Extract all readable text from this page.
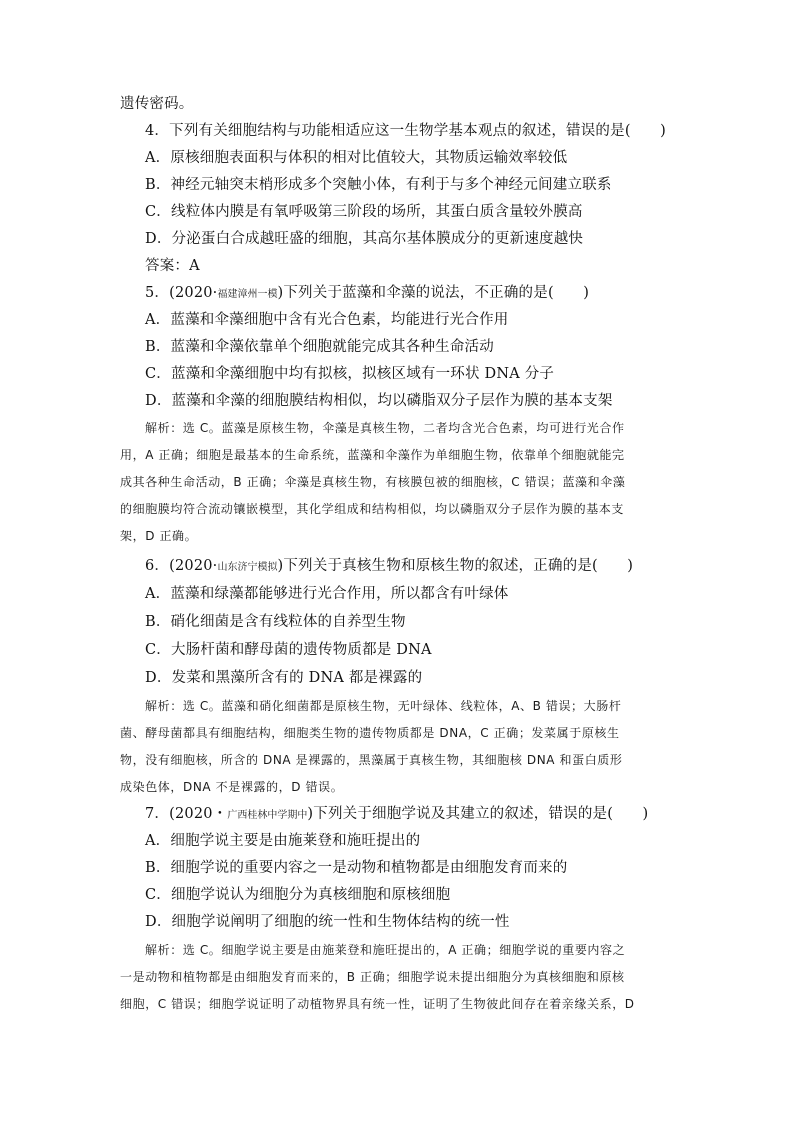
遗传密码。
4．下列有关细胞结构与功能相适应这一生物学基本观点的叙述，错误的是(　　)
A．原核细胞表面积与体积的相对比值较大，其物质运输效率较低
B．神经元轴突末梢形成多个突触小体，有利于与多个神经元间建立联系
C．线粒体内膜是有氧呼吸第三阶段的场所，其蛋白质含量较外膜高
D．分泌蛋白合成越旺盛的细胞，其高尔基体膜成分的更新速度越快
答案：A
5．(2020·福建漳州一模)下列关于蓝藻和伞藻的说法，不正确的是(　　)
A．蓝藻和伞藻细胞中含有光合色素，均能进行光合作用
B．蓝藻和伞藻依靠单个细胞就能完成其各种生命活动
C．蓝藻和伞藻细胞中均有拟核，拟核区域有一环状 DNA 分子
D．蓝藻和伞藻的细胞膜结构相似，均以磷脂双分子层作为膜的基本支架
解析：选 C。蓝藻是原核生物，伞藻是真核生物，二者均含光合色素，均可进行光合作
用，A 正确；细胞是最基本的生命系统，蓝藻和伞藻作为单细胞生物，依靠单个细胞就能完
成其各种生命活动，B 正确；伞藻是真核生物，有核膜包被的细胞核，C 错误；蓝藻和伞藻
的细胞膜均符合流动镶嵌模型，其化学组成和结构相似，均以磷脂双分子层作为膜的基本支
架，D 正确。
6．(2020·山东济宁模拟)下列关于真核生物和原核生物的叙述，正确的是(　　)
A．蓝藻和绿藻都能够进行光合作用，所以都含有叶绿体
B．硝化细菌是含有线粒体的自养型生物
C．大肠杆菌和酵母菌的遗传物质都是 DNA
D．发菜和黑藻所含有的 DNA 都是裸露的
解析：选 C。蓝藻和硝化细菌都是原核生物，无叶绿体、线粒体，A、B 错误；大肠杆
菌、酵母菌都具有细胞结构，细胞类生物的遗传物质都是 DNA，C 正确；发菜属于原核生
物，没有细胞核，所含的 DNA 是裸露的，黑藻属于真核生物，其细胞核 DNA 和蛋白质形
成染色体，DNA 不是裸露的，D 错误。
7．(2020・广西桂林中学期中)下列关于细胞学说及其建立的叙述，错误的是(　　)
A．细胞学说主要是由施莱登和施旺提出的
B．细胞学说的重要内容之一是动物和植物都是由细胞发育而来的
C．细胞学说认为细胞分为真核细胞和原核细胞
D．细胞学说阐明了细胞的统一性和生物体结构的统一性
解析：选 C。细胞学说主要是由施莱登和施旺提出的，A 正确；细胞学说的重要内容之
一是动物和植物都是由细胞发育而来的，B 正确；细胞学说未提出细胞分为真核细胞和原核
细胞，C 错误；细胞学说证明了动植物界具有统一性，证明了生物彼此间存在着亲缘关系，D
